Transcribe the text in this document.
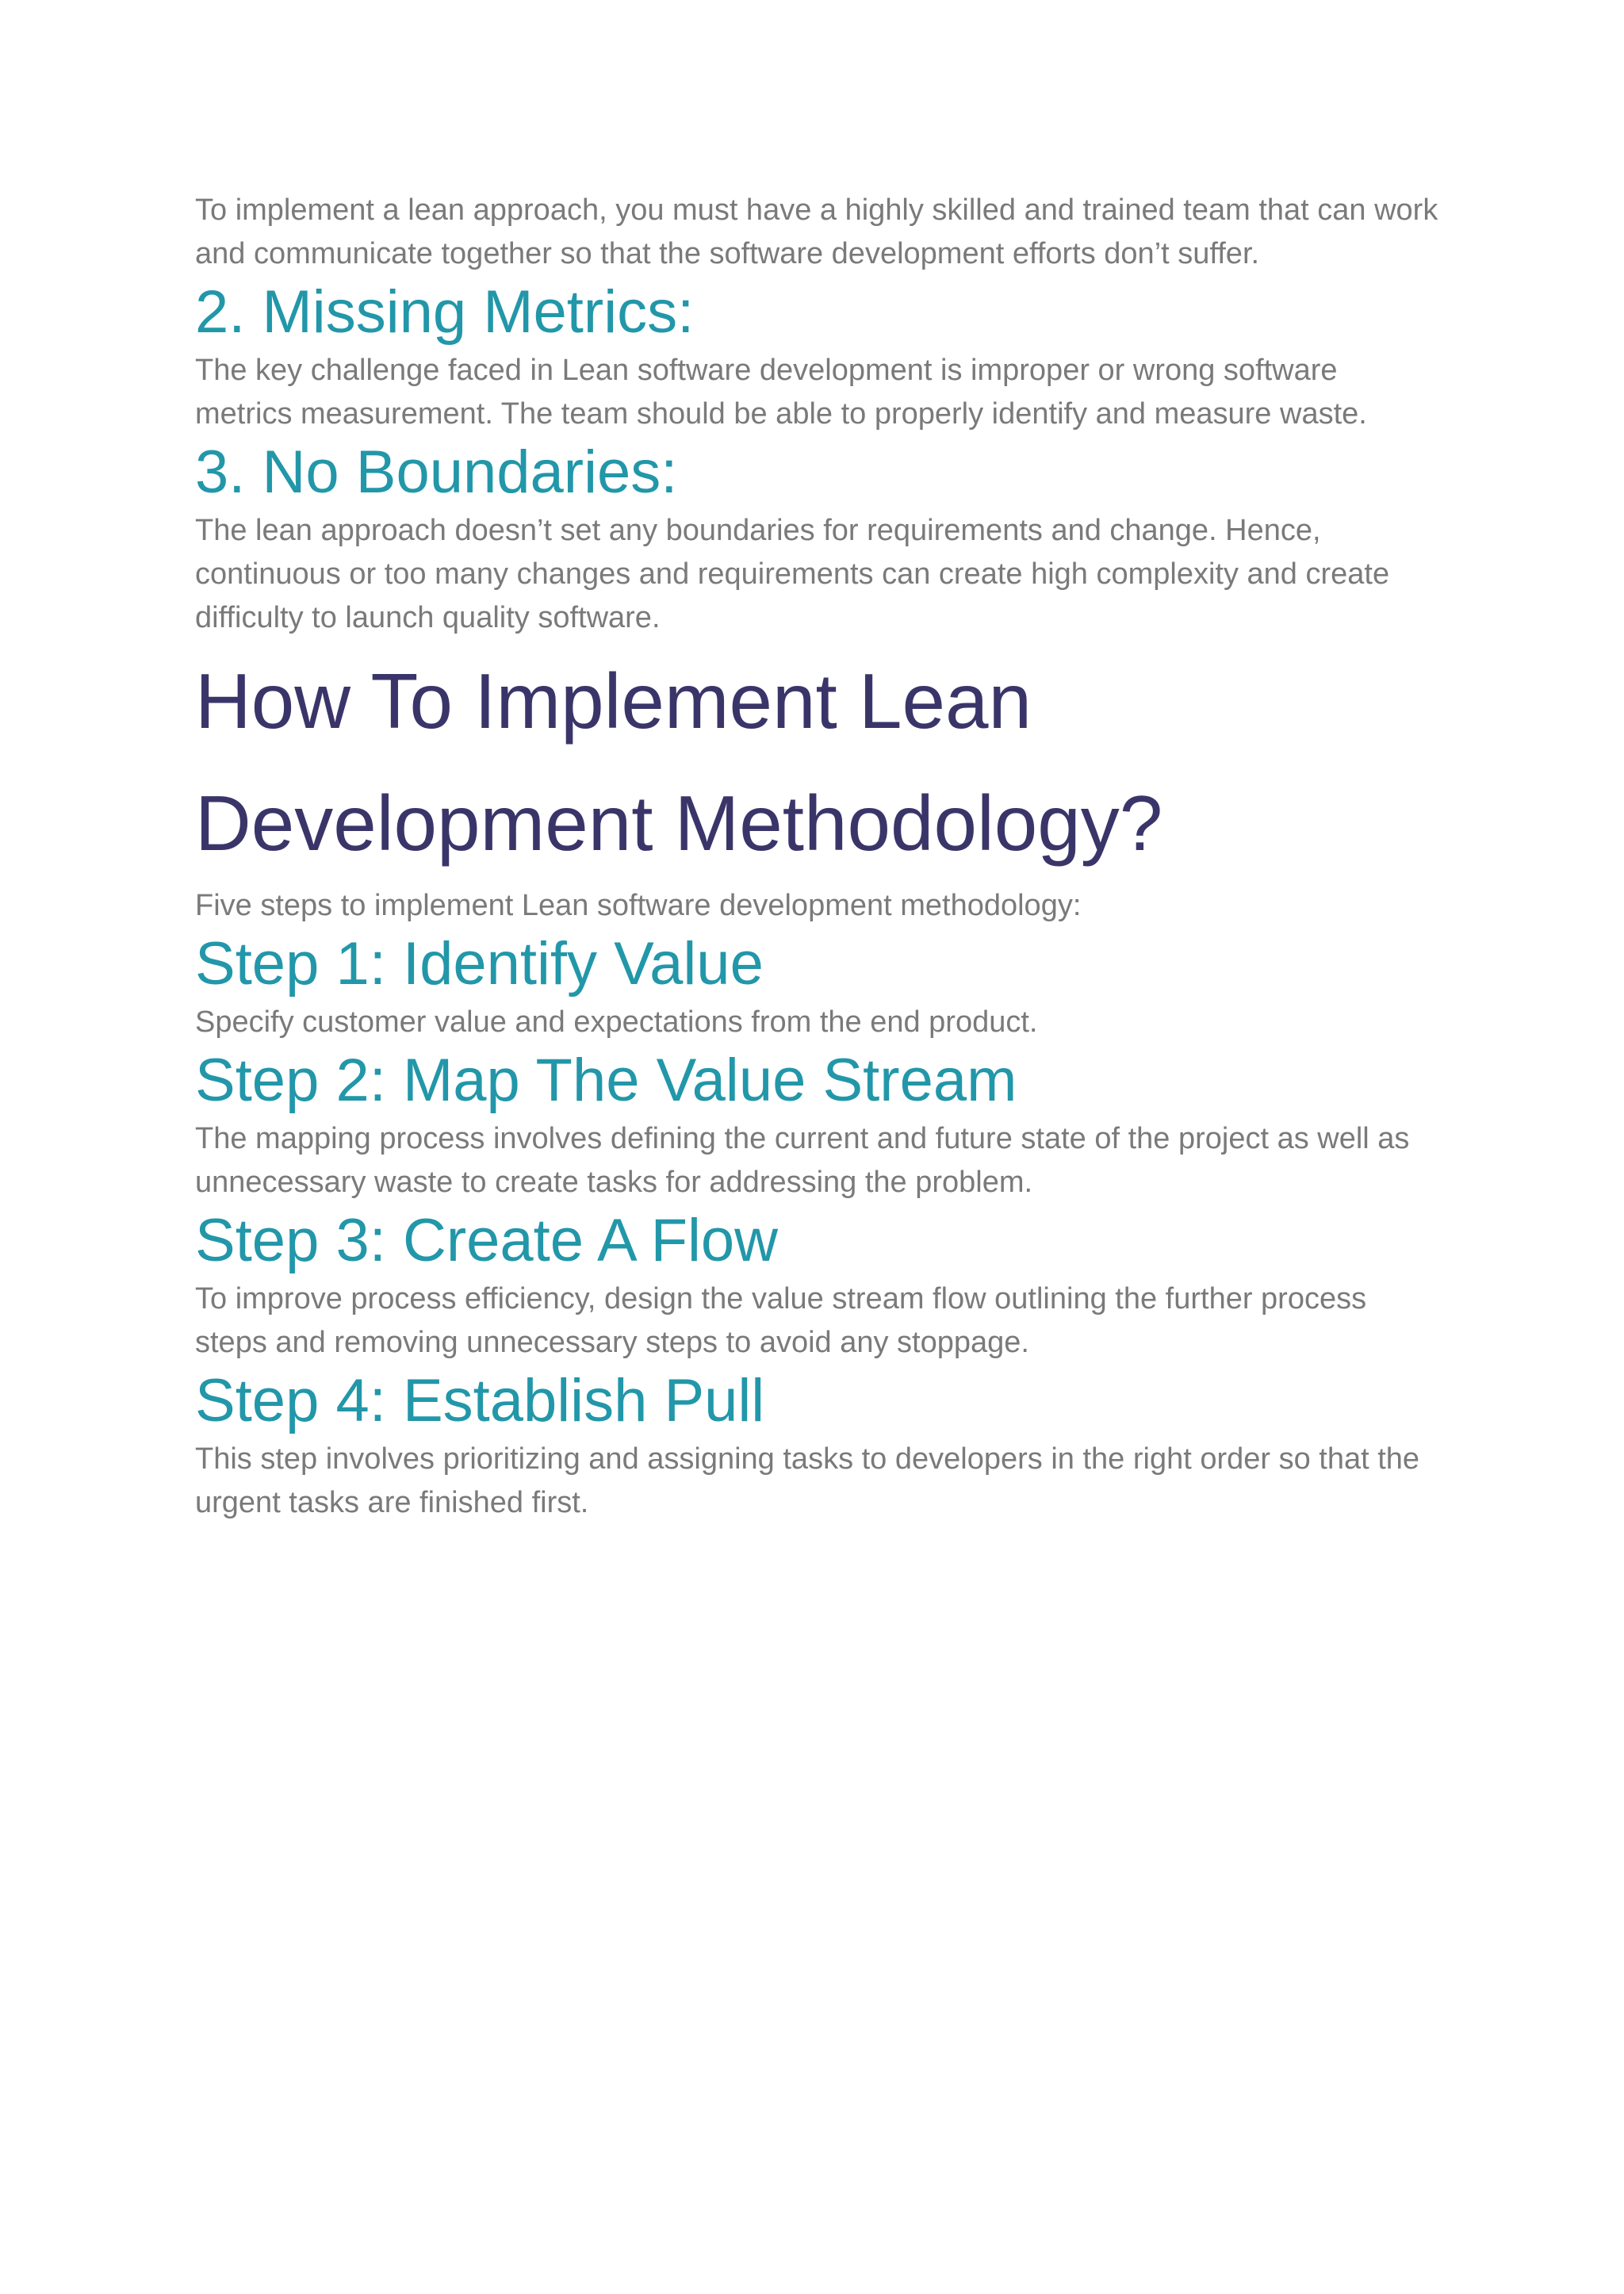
To implement a lean approach, you must have a highly skilled and trained team that can work and communicate together so that the software development efforts don’t suffer.

2. Missing Metrics:

The key challenge faced in Lean software development is improper or wrong software metrics measurement. The team should be able to properly identify and measure waste.

3. No Boundaries:

The lean approach doesn’t set any boundaries for requirements and change. Hence, continuous or too many changes and requirements can create high complexity and create difficulty to launch quality software.

How To Implement Lean Development Methodology?

Five steps to implement Lean software development methodology:

Step 1: Identify Value

Specify customer value and expectations from the end product.

Step 2: Map The Value Stream

The mapping process involves defining the current and future state of the project as well as unnecessary waste to create tasks for addressing the problem.

Step 3: Create A Flow

To improve process efficiency, design the value stream flow outlining the further process steps and removing unnecessary steps to avoid any stoppage.

Step 4: Establish Pull

This step involves prioritizing and assigning tasks to developers in the right order so that the urgent tasks are finished first.
